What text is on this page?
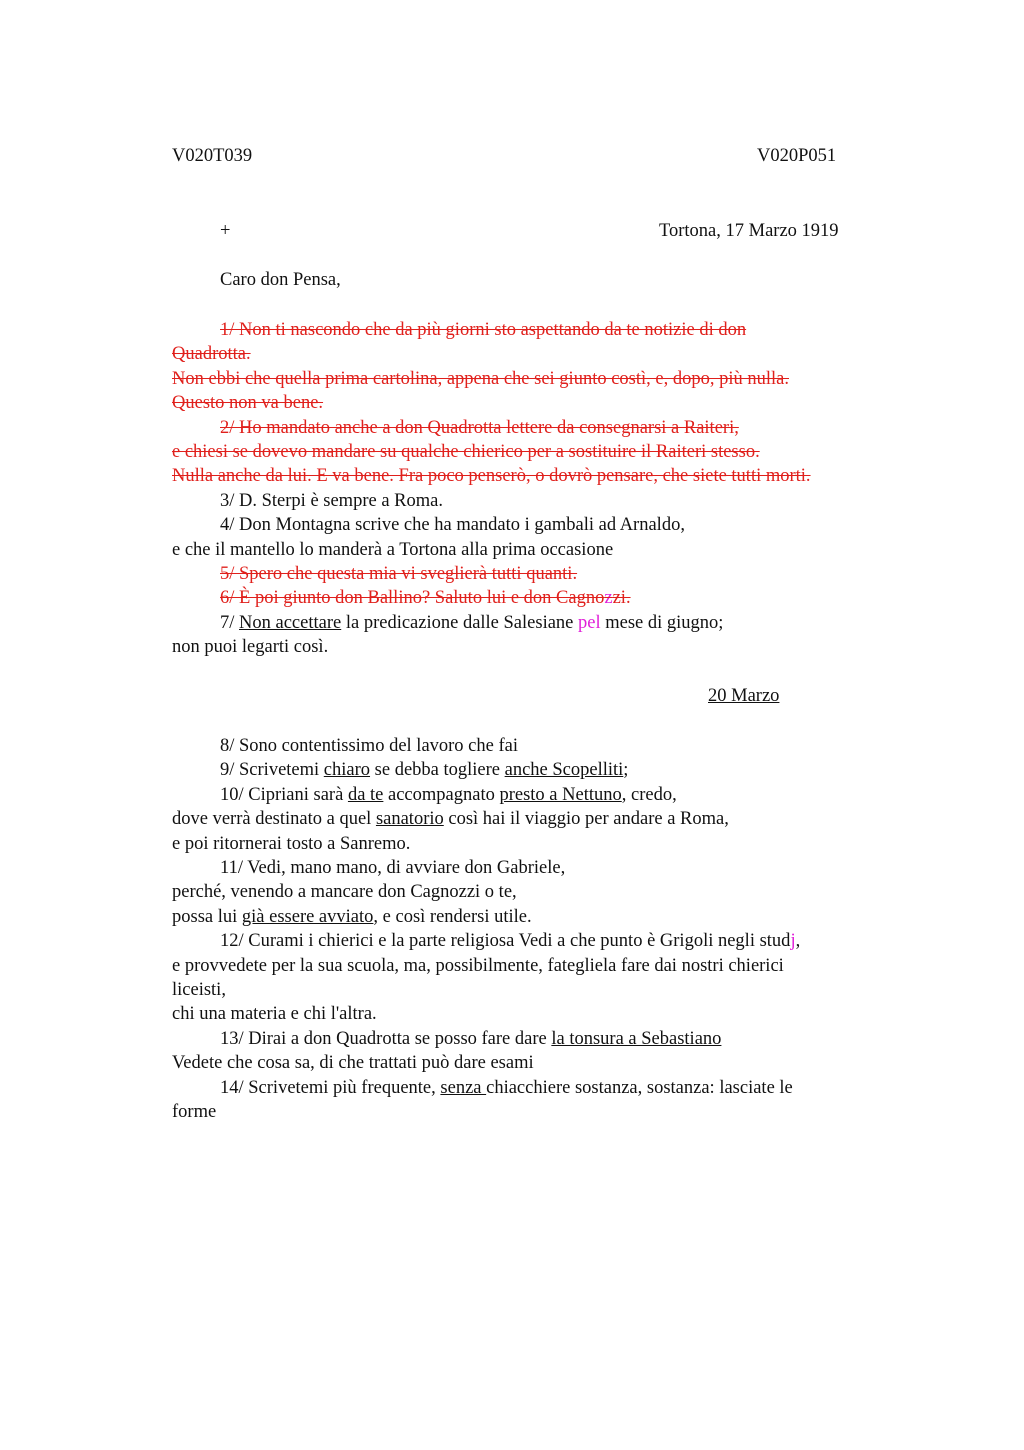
V020T039	V020P051
+	Tortona, 17 Marzo 1919
Caro don Pensa,
1/ Non ti nascondo che da più giorni sto aspettando da te notizie di don
Quadrotta.
Non ebbi che quella prima cartolina, appena che sei giunto costì, e, dopo, più nulla.
Questo non va bene.
2/ Ho mandato anche a don Quadrotta lettere da consegnarsi a Raiteri,
e chiesi se dovevo mandare su qualche chierico per a sostituire il Raiteri stesso.
Nulla anche da lui. E va bene. Fra poco penserò, o dovrò pensare, che siete tutti morti.
3/ D. Sterpi è sempre a Roma.
4/ Don Montagna scrive che ha mandato i gambali ad Arnaldo,
e che il mantello lo manderà a Tortona alla prima occasione
5/ Spero che questa mia vi sveglierà tutti quanti.
6/ È poi giunto don Ballino? Saluto lui e don Cagnozzi.
7/ Non accettare la predicazione dalle Salesiane pel mese di giugno;
non puoi legarti così.
20 Marzo
8/ Sono contentissimo del lavoro che fai
9/ Scrivetemi chiaro se debba togliere anche Scopelliti;
10/ Cipriani sarà da te accompagnato presto a Nettuno, credo,
dove verrà destinato a quel sanatorio così hai il viaggio per andare a Roma,
e poi ritornerai tosto a Sanremo.
11/ Vedi, mano mano, di avviare don Gabriele,
perché, venendo a mancare don Cagnozzi o te,
possa lui già essere avviato, e così rendersi utile.
12/ Curami i chierici e la parte religiosa Vedi a che punto è Grigoli negli studj,
e provvedete per la sua scuola, ma, possibilmente, fategliela fare dai nostri chierici
liceisti,
chi una materia e chi l'altra.
13/ Dirai a don Quadrotta se posso fare dare la tonsura a Sebastiano
Vedete che cosa sa, di che trattati può dare esami
14/ Scrivetemi più frequente, senza chiacchiere sostanza, sostanza: lasciate le
forme
